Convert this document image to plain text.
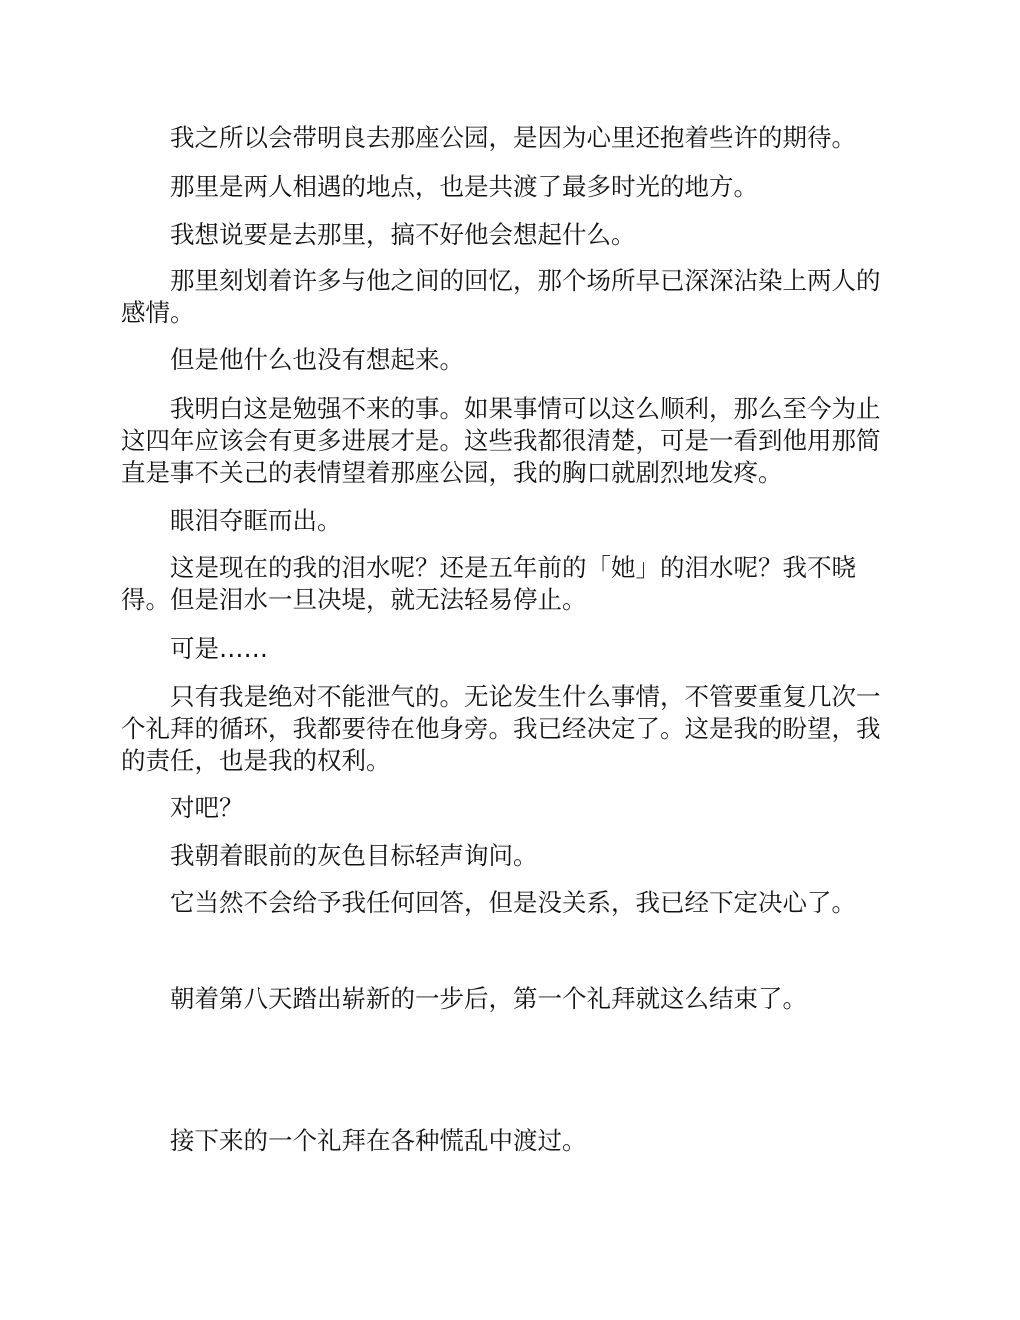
我之所以会带明良去那座公园，是因为心里还抱着些许的期待。

那里是两人相遇的地点，也是共渡了最多时光的地方。

我想说要是去那里，搞不好他会想起什么。

那里刻划着许多与他之间的回忆，那个场所早已深深沾染上两人的感情。

但是他什么也没有想起来。

我明白这是勉强不来的事。如果事情可以这么顺利，那么至今为止这四年应该会有更多进展才是。这些我都很清楚，可是一看到他用那简直是事不关己的表情望着那座公园，我的胸口就剧烈地发疼。

眼泪夺眶而出。

这是现在的我的泪水呢？还是五年前的「她」的泪水呢？我不晓得。但是泪水一旦决堤，就无法轻易停止。

可是……

只有我是绝对不能泄气的。无论发生什么事情，不管要重复几次一个礼拜的循环，我都要待在他身旁。我已经决定了。这是我的盼望，我的责任，也是我的权利。

对吧？

我朝着眼前的灰色目标轻声询问。

它当然不会给予我任何回答，但是没关系，我已经下定决心了。

朝着第八天踏出崭新的一步后，第一个礼拜就这么结束了。

接下来的一个礼拜在各种慌乱中渡过。
